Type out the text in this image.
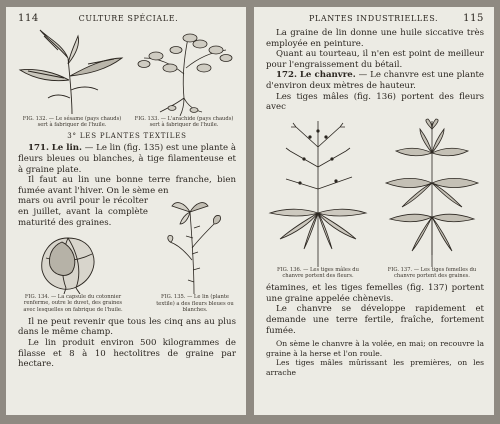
114	CULTURE SPÉCIALE.
FIG. 132. — Le sésame (pays chauds) sert à fabriquer de l'huile.
FIG. 133. — L'arachide (pays chauds) sert à fabriquer de l'huile.
3° LES PLANTES TEXTILES

171. Le lin. — Le lin (fig. 135) est une plante à fleurs bleues ou blanches, à tige filamenteuse et à graine plate.

Il faut au lin une bonne terre franche, bien fumée avant l'hiver. On le sème en

FIG. 135. — Le lin (plante textile) a des fleurs bleues ou blanches.

mars ou avril pour le récolter en juillet, avant la complète maturité des graines.

FIG. 134. — La capsule du cotonnier renferme, outre le duvet, des graines avec lesquelles on fabrique de l'huile.

Il ne peut revenir que tous les cinq ans au plus dans le même champ.

Le lin produit environ 500 kilogrammes de filasse et 8 à 10 hectolitres de graine par hectare.

PLANTES INDUSTRIELLES. 115

La graine de lin donne une huile siccative très employée en peinture.

Quant au tourteau, il n'en est point de meilleur pour l'engraissement du bétail.

172. Le chanvre. — Le chanvre est une plante d'environ deux mètres de hauteur.

Les tiges mâles (fig. 136) portent des fleurs avec

FIG. 136. — Les tiges mâles du chanvre portent des fleurs.
FIG. 137. — Les tiges femelles du chanvre portent des graines.

étamines, et les tiges femelles (fig. 137) portent une graine appelée chènevis.

Le chanvre se développe rapidement et demande une terre fertile, fraîche, fortement fumée.

On sème le chanvre à la volée, en mai; on recouvre la graine à la herse et l'on roule.

Les tiges mâles mûrissant les premières, on les arrache
